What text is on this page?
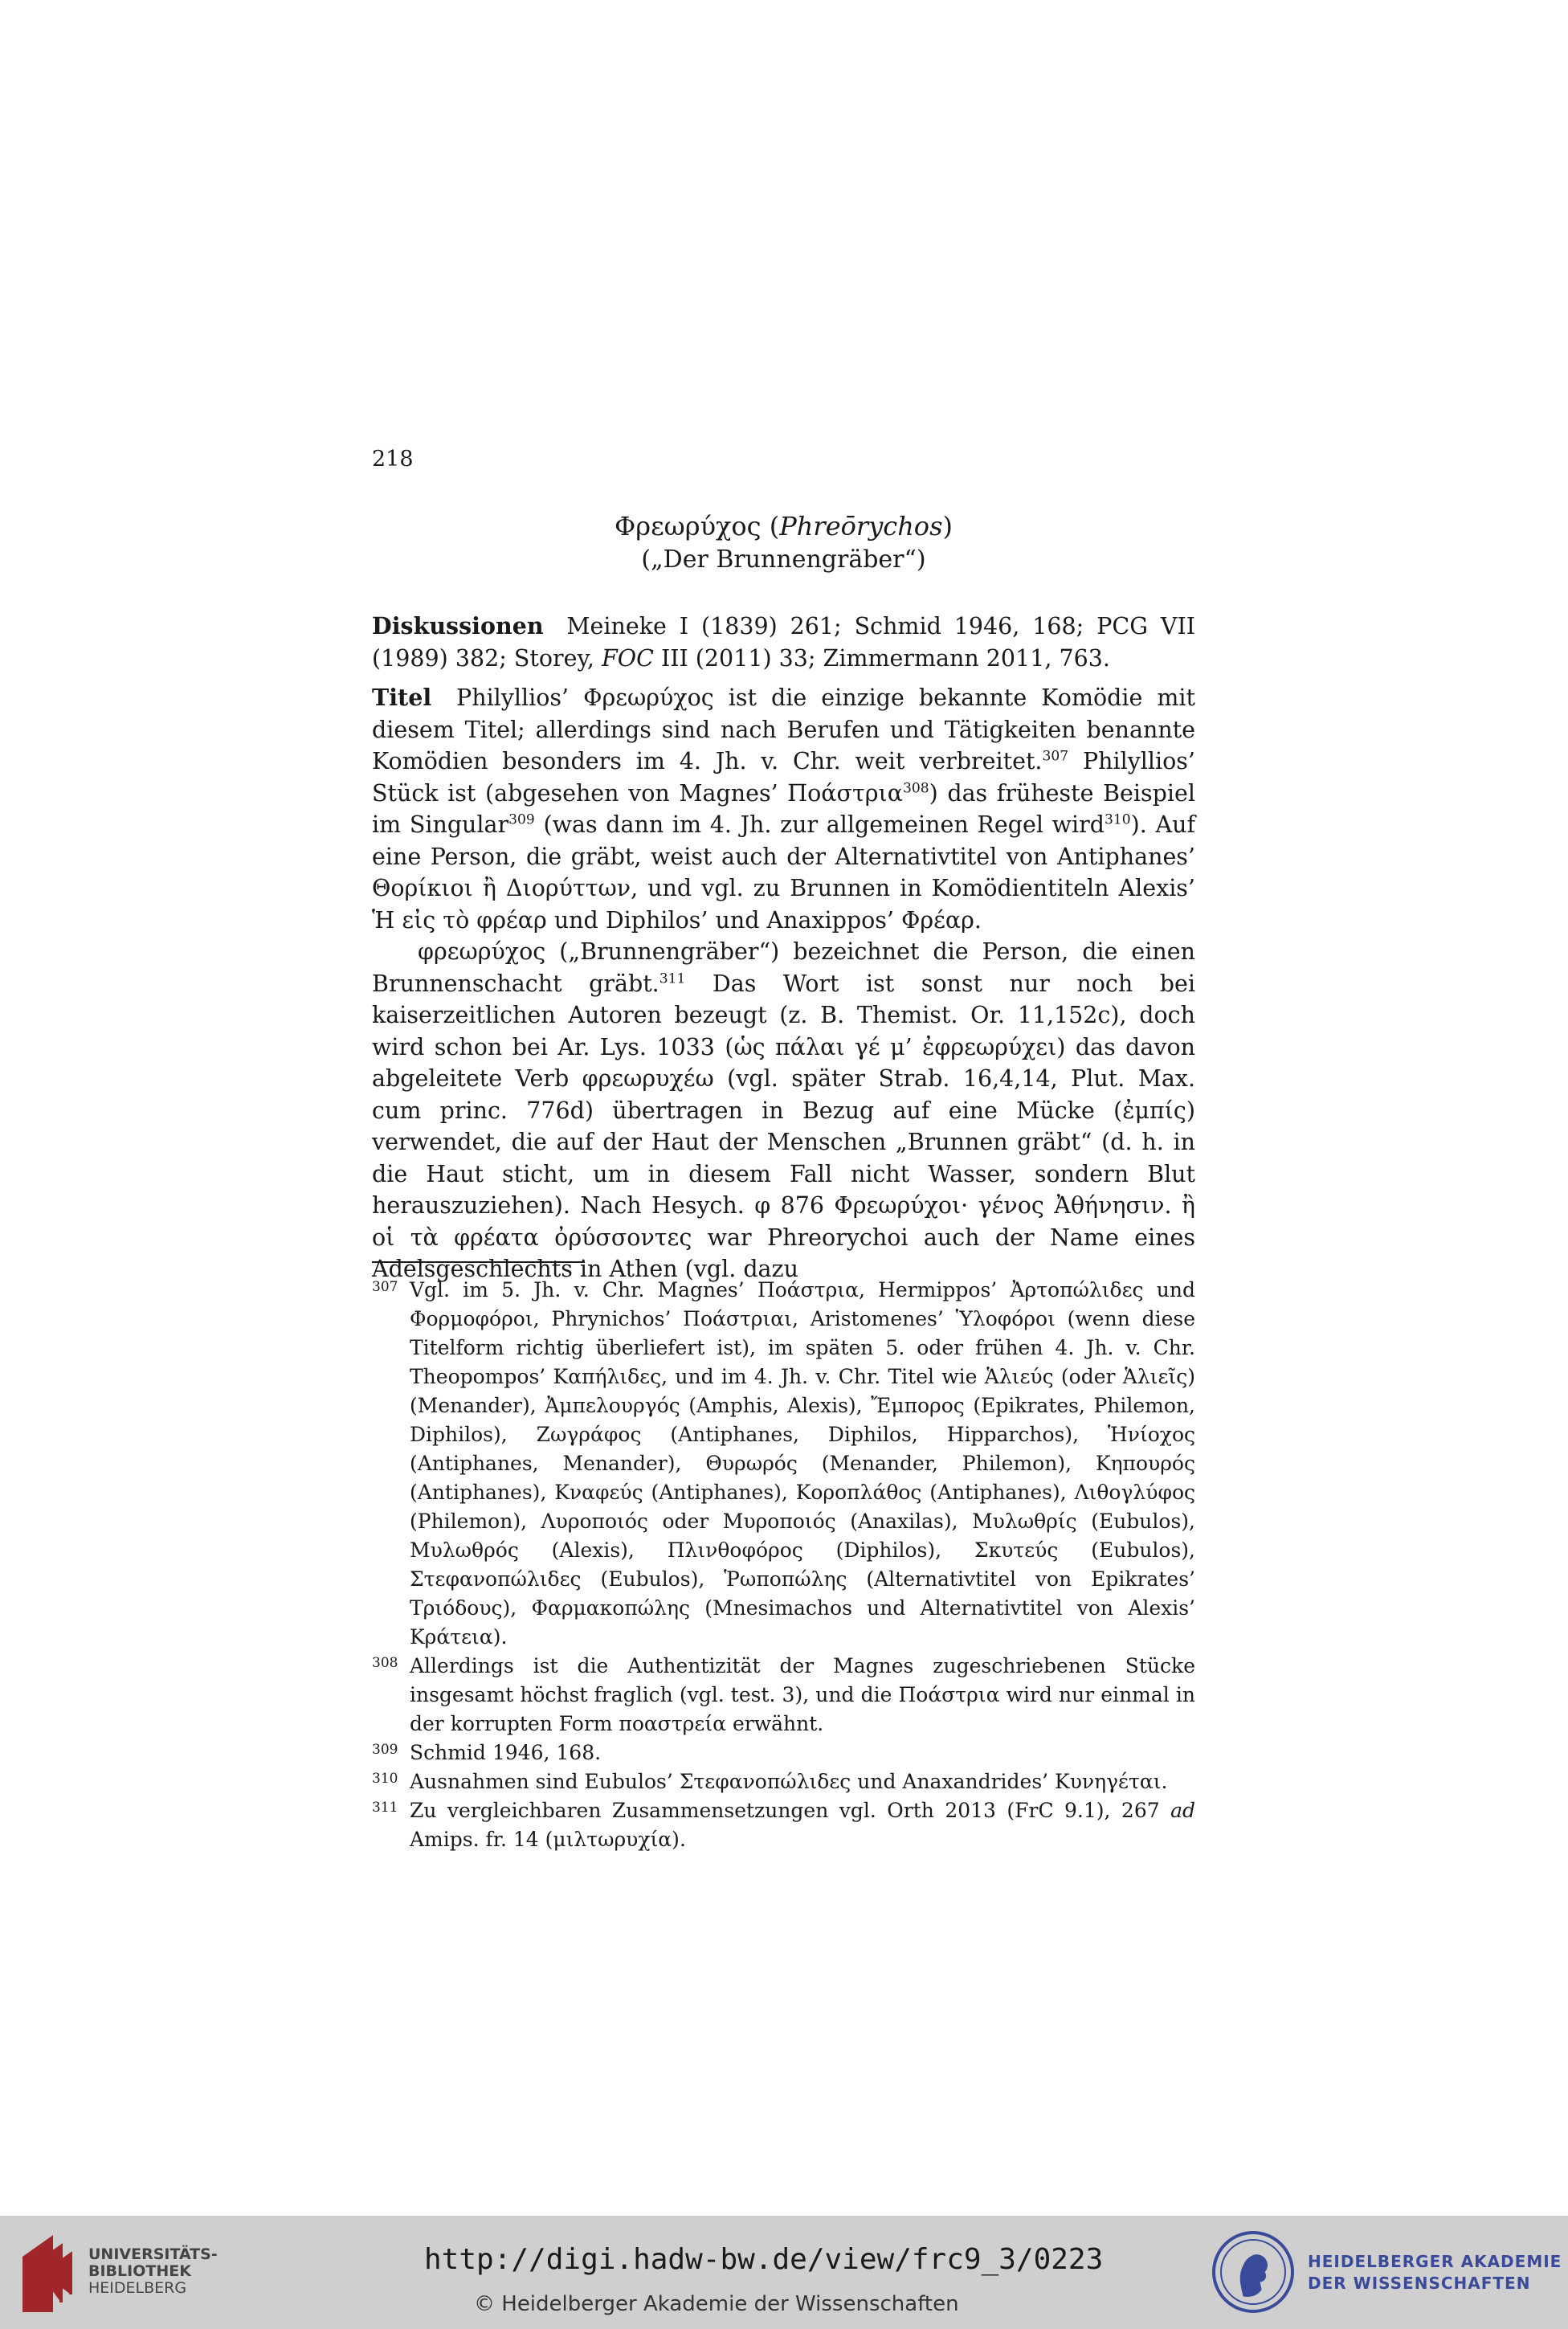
218
Φρεωρύχος (Phreōrychos)
(„Der Brunnengräber“)

Diskussionen Meineke I (1839) 261; Schmid 1946, 168; PCG VII (1989) 382; Storey, FOC III (2011) 33; Zimmermann 2011, 763.

Titel Philyllios’ Φρεωρύχος ist die einzige bekannte Komödie mit diesem Titel; allerdings sind nach Berufen und Tätigkeiten benannte Komödien besonders im 4. Jh. v. Chr. weit verbreitet.$^{307}$ Philyllios’ Stück ist (abgesehen von Magnes’ Ποάστρια$^{308}$) das früheste Beispiel im Singular$^{309}$ (was dann im 4. Jh. zur allgemeinen Regel wird$^{310}$). Auf eine Person, die gräbt, weist auch der Alternativtitel von Antiphanes’ Θορίκιοι ἢ Διορύττων, und vgl. zu Brunnen in Komödientiteln Alexis’ Ἡ εἰς τὸ φρέαρ und Diphilos’ und Anaxippos’ Φρέαρ.

φρεωρύχος („Brunnengräber“) bezeichnet die Person, die einen Brunnenschacht gräbt.$^{311}$ Das Wort ist sonst nur noch bei kaiserzeitlichen Autoren bezeugt (z. B. Themist. Or. 11,152c), doch wird schon bei Ar. Lys. 1033 (ὡς πάλαι γέ μ’ ἐφρεωρύχει) das davon abgeleitete Verb φρεωρυχέω (vgl. später Strab. 16,4,14, Plut. Max. cum princ. 776d) übertragen in Bezug auf eine Mücke (ἐμπίς) verwendet, die auf der Haut der Menschen „Brunnen gräbt“ (d. h. in die Haut sticht, um in diesem Fall nicht Wasser, sondern Blut herauszuziehen). Nach Hesych. φ 876 Φρεωρύχοι· γένος Ἀθήνησιν. ἢ οἱ τὰ φρέατα ὀρύσσοντες war Phreorychoi auch der Name eines Adelsgeschlechts in Athen (vgl. dazu

307 Vgl. im 5. Jh. v. Chr. Magnes’ Ποάστρια, Hermippos’ Ἀρτοπώλιδες und Φορμοφόροι, Phrynichos’ Ποάστριαι, Aristomenes’ Ὑλοφόροι (wenn diese Titelform richtig überliefert ist), im späten 5. oder frühen 4. Jh. v. Chr. Theopompos’ Καπήλιδες, und im 4. Jh. v. Chr. Titel wie Ἁλιεύς (oder Ἁλιεῖς) (Menander), Ἀμπελουργός (Amphis, Alexis), Ἔμπορος (Epikrates, Philemon, Diphilos), Ζωγράφος (Antiphanes, Diphilos, Hipparchos), Ἡνίοχος (Antiphanes, Menander), Θυρωρός (Menander, Philemon), Κηπουρός (Antiphanes), Κναφεύς (Antiphanes), Κοροπλάθος (Antiphanes), Λιθογλύφος (Philemon), Λυροποιός oder Μυροποιός (Anaxilas), Μυλωθρίς (Eubulos), Μυλωθρός (Alexis), Πλινθοφόρος (Diphilos), Σκυτεύς (Eubulos), Στεφανοπώλιδες (Eubulos), Ῥωποπώλης (Alternativtitel von Epikrates’ Τριόδους), Φαρμακοπώλης (Mnesimachos und Alternativtitel von Alexis’ Κράτεια).
308 Allerdings ist die Authentizität der Magnes zugeschriebenen Stücke insgesamt höchst fraglich (vgl. test. 3), und die Ποάστρια wird nur einmal in der korrupten Form ποαστρεία erwähnt.
309 Schmid 1946, 168.
310 Ausnahmen sind Eubulos’ Στεφανοπώλιδες und Anaxandrides’ Κυνηγέται.
311 Zu vergleichbaren Zusammensetzungen vgl. Orth 2013 (FrC 9.1), 267 ad Amips. fr. 14 (μιλτωρυχία).
UNIVERSITÄTS-
BIBLIOTHEK
HEIDELBERG
http://digi.hadw-bw.de/view/frc9_3/0223
© Heidelberger Akademie der Wissenschaften
HEIDELBERGER AKADEMIE
DER WISSENSCHAFTEN
